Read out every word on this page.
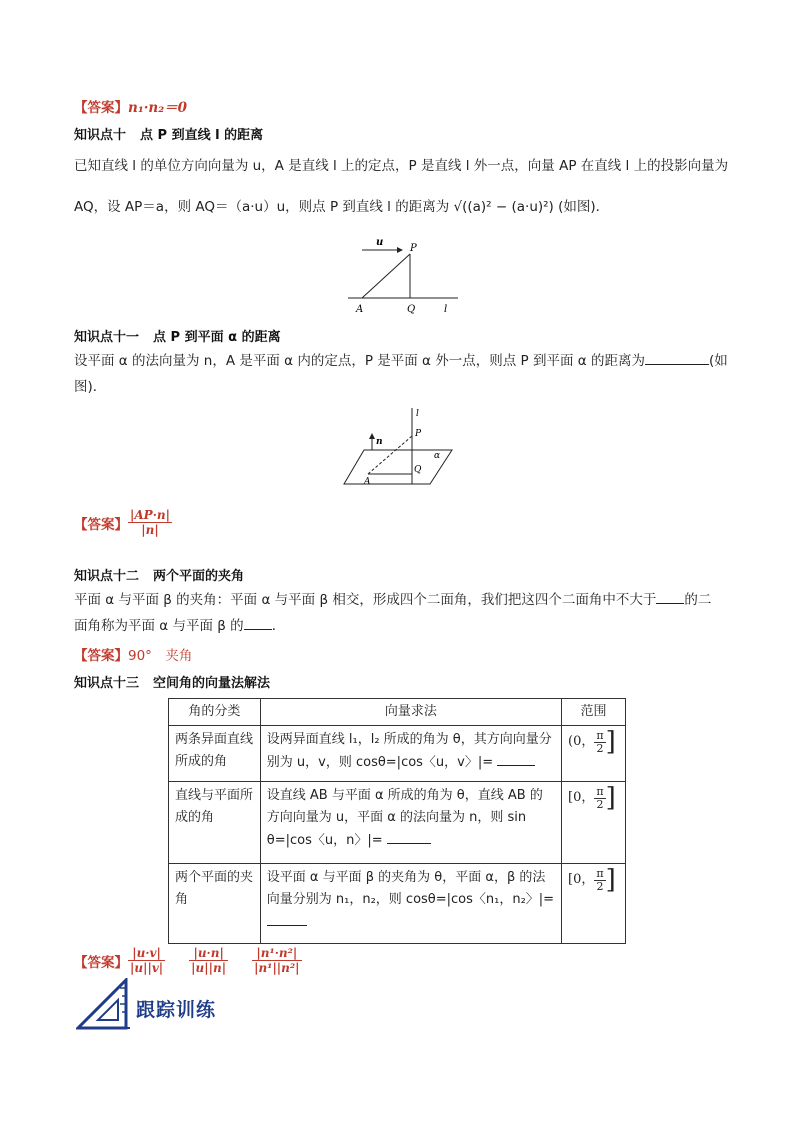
【答案】n₁·n₂＝0
知识点十 点 P 到直线 l 的距离
已知直线 l 的单位方向向量为 u，A 是直线 l 上的定点，P 是直线 l 外一点，向量 AP 在直线 l 上的投影向量为
AQ，设 AP＝a，则 AQ＝（a·u）u，则点 P 到直线 l 的距离为 √((a)² − (a·u)²) (如图)．
u
P
A	Q	l
知识点十一 点 P 到平面 α 的距离
设平面 α 的法向量为 n，A 是平面 α 内的定点，P 是平面 α 外一点，则点 P 到平面 α 的距离为	(如
图)．
l
P
n
α
Q
A
【答案】 $\frac{|AP\cdot n|}{|n|}$
知识点十二 两个平面的夹角
平面 α 与平面 β 的夹角：平面 α 与平面 β 相交，形成四个二面角，我们把这四个二面角中不大于 的二
面角称为平面 α 与平面 β 的 ．
【答案】90°　夹角
知识点十三 空间角的向量法解法
角的分类	向量求法	范围
两条异面直线所成的角	设两异面直线 l₁，l₂ 所成的角为 θ，其方向向量分别为 u，v，则 cosθ=|cos〈u，v〉|=	(0， π
2 ]

直线与平面所成的角	设直线 AB 与平面 α 所成的角为 θ，直线 AB 的方向向量为 u，平面 α 的法向量为 n，则 sin θ=|cos〈u，n〉|=	[0， π
2 ]

两个平面的夹角	设平面 α 与平面 β 的夹角为 θ，平面 α，β 的法向量分别为 n₁，n₂，则 cosθ=|cos〈n₁，n₂〉|=	[0， π
2 ]
【答案】 $\frac{|u\cdot v|}{|u||v|} \frac{|u\cdot n|}{|u||n|} \frac{\text{|n¹·n²|}}{\text{|n¹||n²|}}$
跟踪训练
